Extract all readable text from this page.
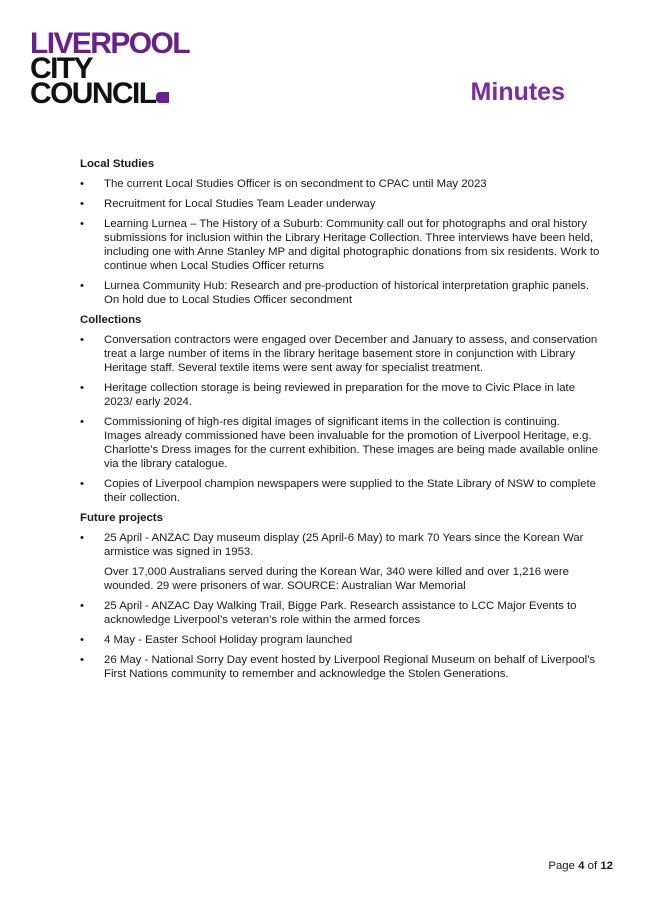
LIVERPOOL
CITY
COUNCIL	Minutes
Local Studies
• The current Local Studies Officer is on secondment to CPAC until May 2023
• Recruitment for Local Studies Team Leader underway
• Learning Lurnea – The History of a Suburb: Community call out for photographs and oral history submissions for inclusion within the Library Heritage Collection. Three interviews have been held, including one with Anne Stanley MP and digital photographic donations from six residents. Work to continue when Local Studies Officer returns
• Lurnea Community Hub: Research and pre-production of historical interpretation graphic panels. On hold due to Local Studies Officer secondment
Collections
• Conversation contractors were engaged over December and January to assess, and conservation treat a large number of items in the library heritage basement store in conjunction with Library Heritage staff. Several textile items were sent away for specialist treatment.
• Heritage collection storage is being reviewed in preparation for the move to Civic Place in late 2023/ early 2024.
• Commissioning of high-res digital images of significant items in the collection is continuing. Images already commissioned have been invaluable for the promotion of Liverpool Heritage, e.g. Charlotte’s Dress images for the current exhibition. These images are being made available online via the library catalogue.
• Copies of Liverpool champion newspapers were supplied to the State Library of NSW to complete their collection.
Future projects
• 25 April - ANZAC Day museum display (25 April-6 May) to mark 70 Years since the Korean War armistice was signed in 1953.
Over 17,000 Australians served during the Korean War, 340 were killed and over 1,216 were wounded. 29 were prisoners of war. SOURCE: Australian War Memorial
• 25 April - ANZAC Day Walking Trail, Bigge Park. Research assistance to LCC Major Events to acknowledge Liverpool’s veteran’s role within the armed forces
• 4 May - Easter School Holiday program launched
• 26 May - National Sorry Day event hosted by Liverpool Regional Museum on behalf of Liverpool’s First Nations community to remember and acknowledge the Stolen Generations.
Page 4 of 12
